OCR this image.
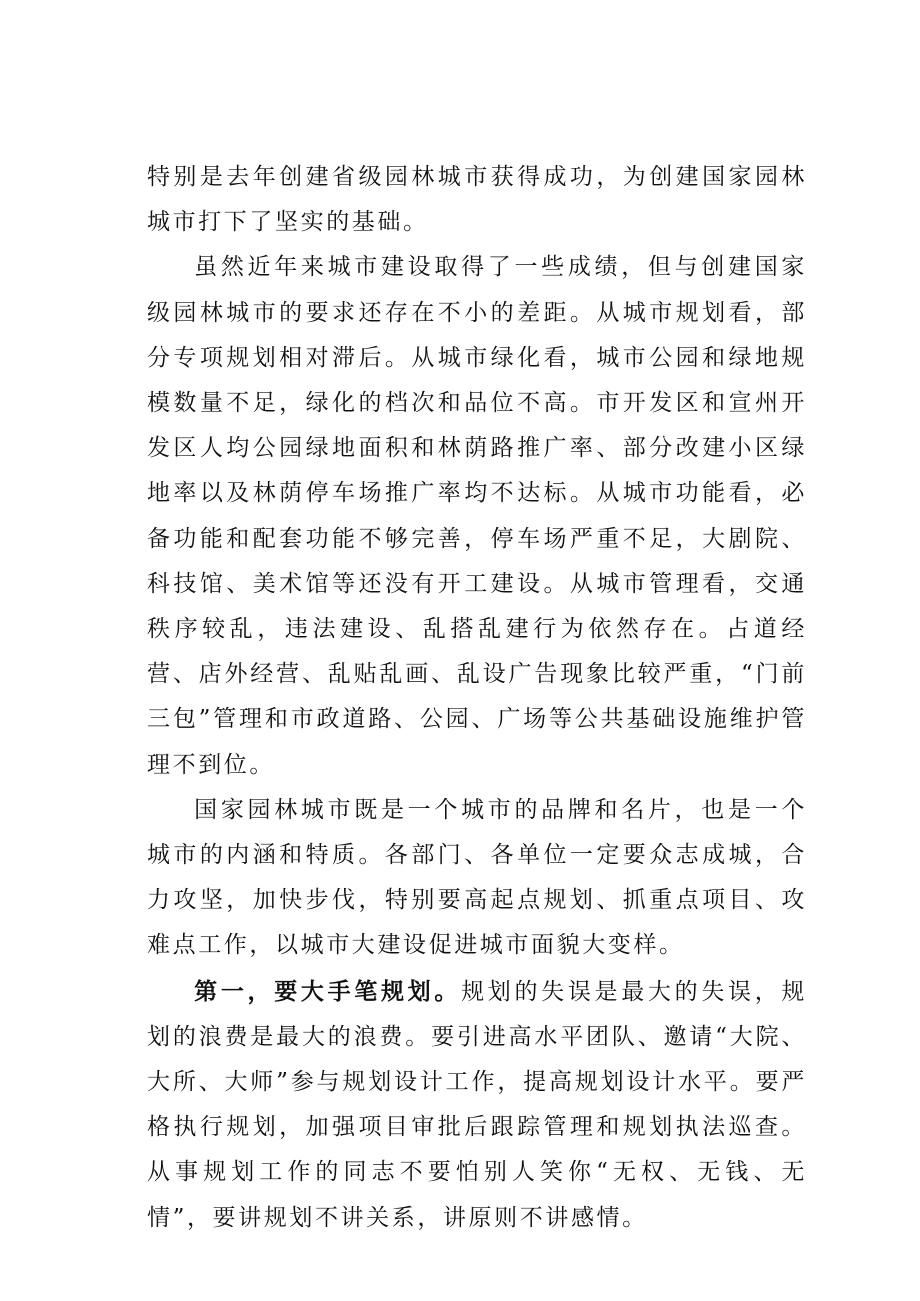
特别是去年创建省级园林城市获得成功，为创建国家园林城市打下了坚实的基础。

虽然近年来城市建设取得了一些成绩，但与创建国家级园林城市的要求还存在不小的差距。从城市规划看，部分专项规划相对滞后。从城市绿化看，城市公园和绿地规模数量不足，绿化的档次和品位不高。市开发区和宣州开发区人均公园绿地面积和林荫路推广率、部分改建小区绿地率以及林荫停车场推广率均不达标。从城市功能看，必备功能和配套功能不够完善，停车场严重不足，大剧院、科技馆、美术馆等还没有开工建设。从城市管理看，交通秩序较乱，违法建设、乱搭乱建行为依然存在。占道经营、店外经营、乱贴乱画、乱设广告现象比较严重，“门前三包”管理和市政道路、公园、广场等公共基础设施维护管理不到位。

国家园林城市既是一个城市的品牌和名片，也是一个城市的内涵和特质。各部门、各单位一定要众志成城，合力攻坚，加快步伐，特别要高起点规划、抓重点项目、攻难点工作，以城市大建设促进城市面貌大变样。

第一，要大手笔规划。规划的失误是最大的失误，规划的浪费是最大的浪费。要引进高水平团队、邀请“大院、大所、大师”参与规划设计工作，提高规划设计水平。要严格执行规划，加强项目审批后跟踪管理和规划执法巡查。从事规划工作的同志不要怕别人笑你“无权、无钱、无情”，要讲规划不讲关系，讲原则不讲感情。
